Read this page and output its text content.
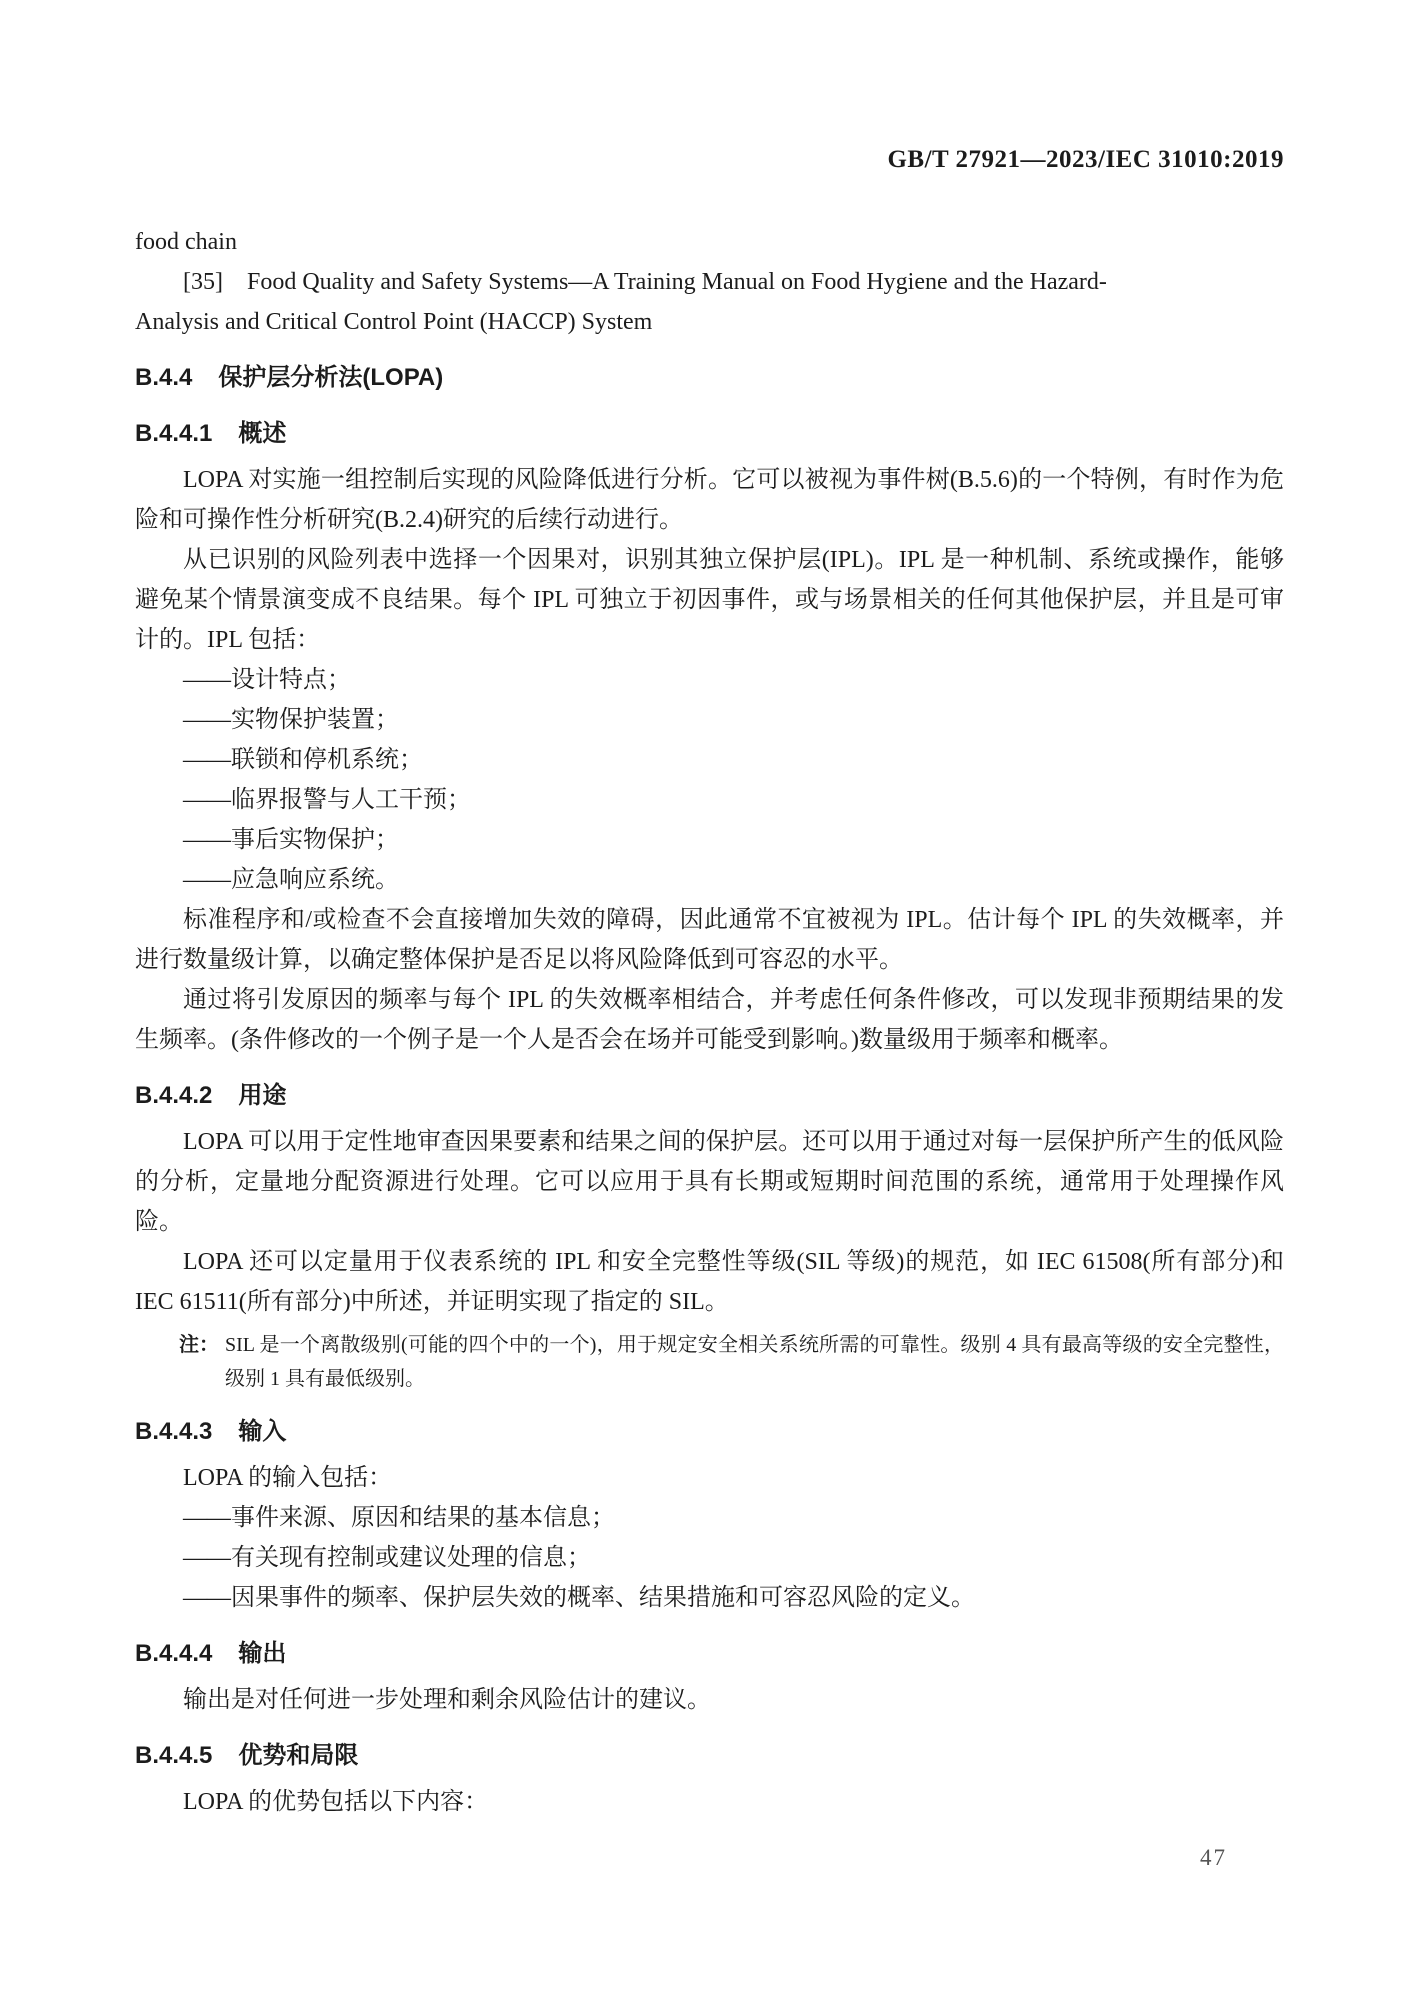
GB/T 27921—2023/IEC 31010:2019

food chain

[35]　Food Quality and Safety Systems—A Training Manual on Food Hygiene and the Hazard-

Analysis and Critical Control Point (HACCP) System

B.4.4 保护层分析法(LOPA)
B.4.4.1 概述

LOPA 对实施一组控制后实现的风险降低进行分析。它可以被视为事件树(B.5.6)的一个特例，有时作为危险和可操作性分析研究(B.2.4)研究的后续行动进行。

从已识别的风险列表中选择一个因果对，识别其独立保护层(IPL)。IPL 是一种机制、系统或操作，能够避免某个情景演变成不良结果。每个 IPL 可独立于初因事件，或与场景相关的任何其他保护层，并且是可审计的。IPL 包括：

——设计特点；

——实物保护装置；

——联锁和停机系统；

——临界报警与人工干预；

——事后实物保护；

——应急响应系统。

标准程序和/或检查不会直接增加失效的障碍，因此通常不宜被视为 IPL。估计每个 IPL 的失效概率，并进行数量级计算，以确定整体保护是否足以将风险降低到可容忍的水平。

通过将引发原因的频率与每个 IPL 的失效概率相结合，并考虑任何条件修改，可以发现非预期结果的发生频率。(条件修改的一个例子是一个人是否会在场并可能受到影响。)数量级用于频率和概率。

B.4.4.2 用途

LOPA 可以用于定性地审查因果要素和结果之间的保护层。还可以用于通过对每一层保护所产生的低风险的分析，定量地分配资源进行处理。它可以应用于具有长期或短期时间范围的系统，通常用于处理操作风险。

LOPA 还可以定量用于仪表系统的 IPL 和安全完整性等级(SIL 等级)的规范，如 IEC 61508(所有部分)和 IEC 61511(所有部分)中所述，并证明实现了指定的 SIL。

注： SIL 是一个离散级别(可能的四个中的一个)，用于规定安全相关系统所需的可靠性。级别 4 具有最高等级的安全完整性，级别 1 具有最低级别。
B.4.4.3 输入

LOPA 的输入包括：

——事件来源、原因和结果的基本信息；

——有关现有控制或建议处理的信息；

——因果事件的频率、保护层失效的概率、结果措施和可容忍风险的定义。

B.4.4.4 输出

输出是对任何进一步处理和剩余风险估计的建议。

B.4.4.5 优势和局限

LOPA 的优势包括以下内容：

47
